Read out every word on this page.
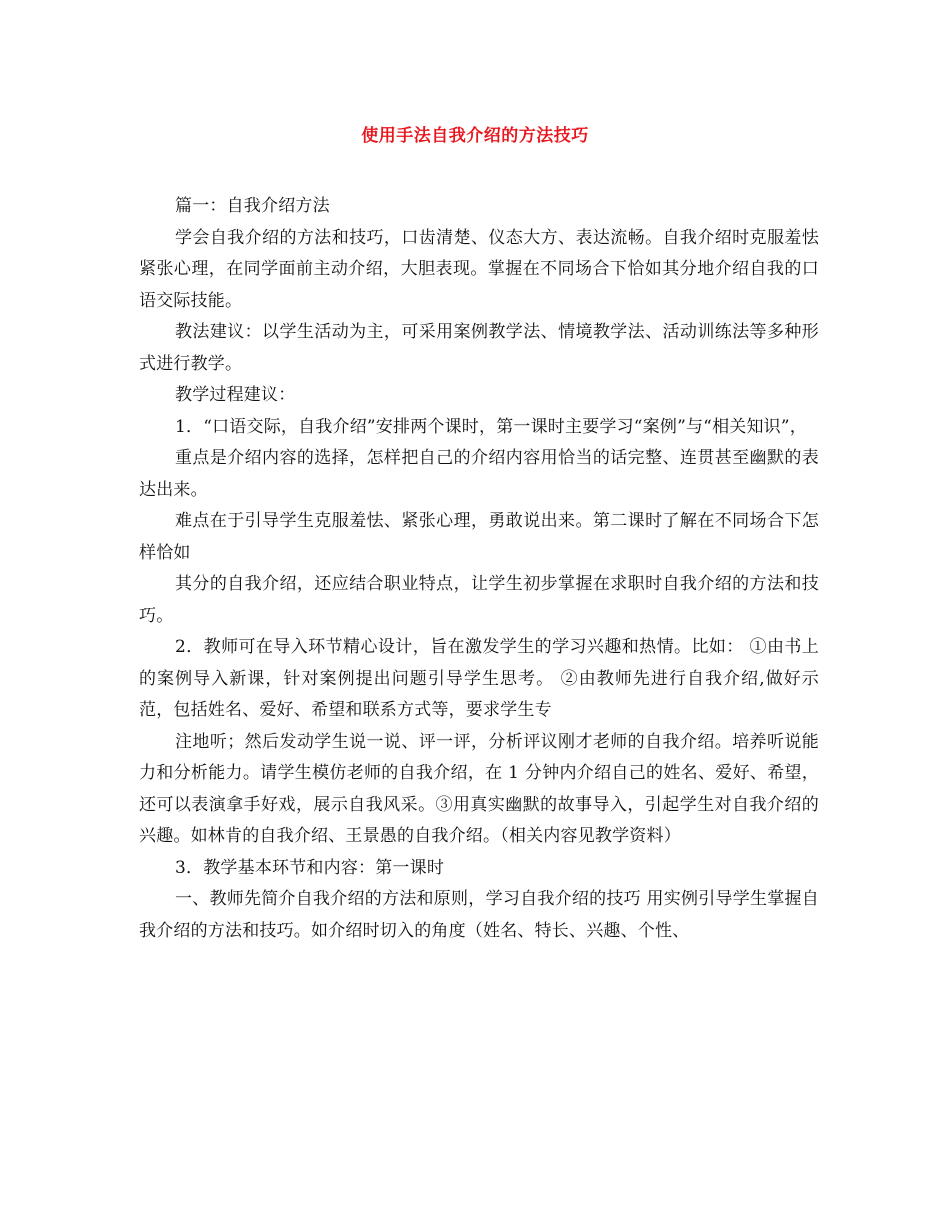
使用手法自我介绍的方法技巧

篇一：自我介绍方法

学会自我介绍的方法和技巧，口齿清楚、仪态大方、表达流畅。自我介绍时克服羞怯紧张心理，在同学面前主动介绍，大胆表现。掌握在不同场合下恰如其分地介绍自我的口语交际技能。

教法建议：以学生活动为主，可采用案例教学法、情境教学法、活动训练法等多种形式进行教学。

教学过程建议：

1．“口语交际，自我介绍”安排两个课时，第一课时主要学习“案例”与“相关知识”，

重点是介绍内容的选择，怎样把自己的介绍内容用恰当的话完整、连贯甚至幽默的表达出来。

难点在于引导学生克服羞怯、紧张心理，勇敢说出来。第二课时了解在不同场合下怎样恰如

其分的自我介绍，还应结合职业特点，让学生初步掌握在求职时自我介绍的方法和技巧。

2．教师可在导入环节精心设计，旨在激发学生的学习兴趣和热情。比如： ①由书上的案例导入新课，针对案例提出问题引导学生思考。 ②由教师先进行自我介绍,做好示范，包括姓名、爱好、希望和联系方式等，要求学生专

注地听；然后发动学生说一说、评一评，分析评议刚才老师的自我介绍。培养听说能力和分析能力。请学生模仿老师的自我介绍，在 1 分钟内介绍自己的姓名、爱好、希望，还可以表演拿手好戏，展示自我风采。③用真实幽默的故事导入，引起学生对自我介绍的兴趣。如林肯的自我介绍、王景愚的自我介绍。（相关内容见教学资料）

3．教学基本环节和内容：第一课时

一、教师先简介自我介绍的方法和原则，学习自我介绍的技巧 用实例引导学生掌握自我介绍的方法和技巧。如介绍时切入的角度（姓名、特长、兴趣、个性、
